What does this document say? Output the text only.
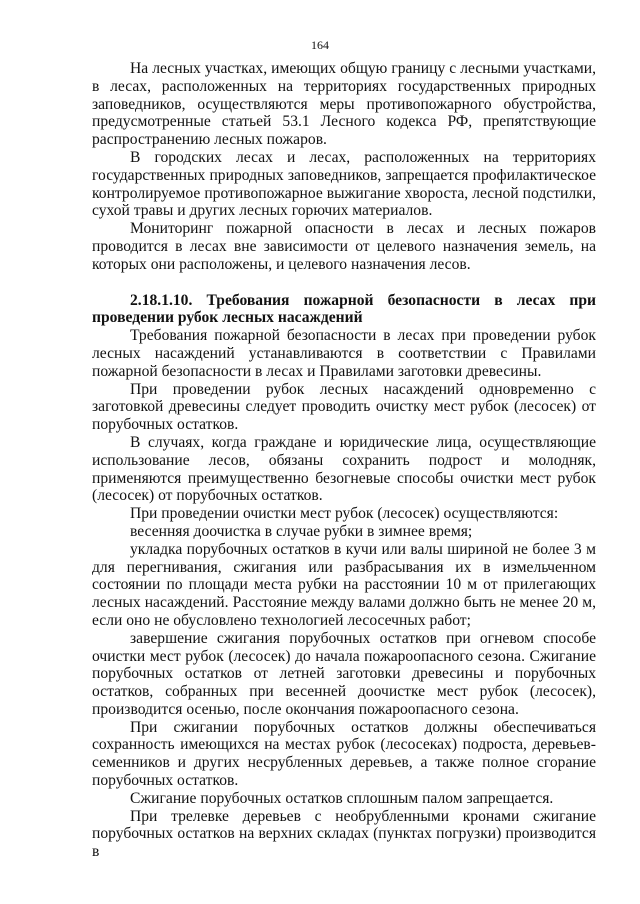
164

На лесных участках, имеющих общую границу с лесными участками, в лесах, расположенных на территориях государственных природных заповедников, осуществляются меры противопожарного обустройства, предусмотренные статьей 53.1 Лесного кодекса РФ, препятствующие распространению лесных пожаров.

В городских лесах и лесах, расположенных на территориях государственных природных заповедников, запрещается профилактическое контролируемое противопожарное выжигание хвороста, лесной подстилки, сухой травы и других лесных горючих материалов.

Мониторинг пожарной опасности в лесах и лесных пожаров проводится в лесах вне зависимости от целевого назначения земель, на которых они расположены, и целевого назначения лесов.

2.18.1.10. Требования пожарной безопасности в лесах при проведении рубок лесных насаждений

Требования пожарной безопасности в лесах при проведении рубок лесных насаждений устанавливаются в соответствии с Правилами пожарной безопасности в лесах и Правилами заготовки древесины.

При проведении рубок лесных насаждений одновременно с заготовкой древесины следует проводить очистку мест рубок (лесосек) от порубочных остатков.

В случаях, когда граждане и юридические лица, осуществляющие использование лесов, обязаны сохранить подрост и молодняк, применяются преимущественно безогневые способы очистки мест рубок (лесосек) от порубочных остатков.

При проведении очистки мест рубок (лесосек) осуществляются:

весенняя доочистка в случае рубки в зимнее время;

укладка порубочных остатков в кучи или валы шириной не более 3 м для перегнивания, сжигания или разбрасывания их в измельченном состоянии по площади места рубки на расстоянии 10 м от прилегающих лесных насаждений. Расстояние между валами должно быть не менее 20 м, если оно не обусловлено технологией лесосечных работ;

завершение сжигания порубочных остатков при огневом способе очистки мест рубок (лесосек) до начала пожароопасного сезона. Сжигание порубочных остатков от летней заготовки древесины и порубочных остатков, собранных при весенней доочистке мест рубок (лесосек), производится осенью, после окончания пожароопасного сезона.

При сжигании порубочных остатков должны обеспечиваться сохранность имеющихся на местах рубок (лесосеках) подроста, деревьев-семенников и других несрубленных деревьев, а также полное сгорание порубочных остатков.

Сжигание порубочных остатков сплошным палом запрещается.

При трелевке деревьев с необрубленными кронами сжигание порубочных остатков на верхних складах (пунктах погрузки) производится в
